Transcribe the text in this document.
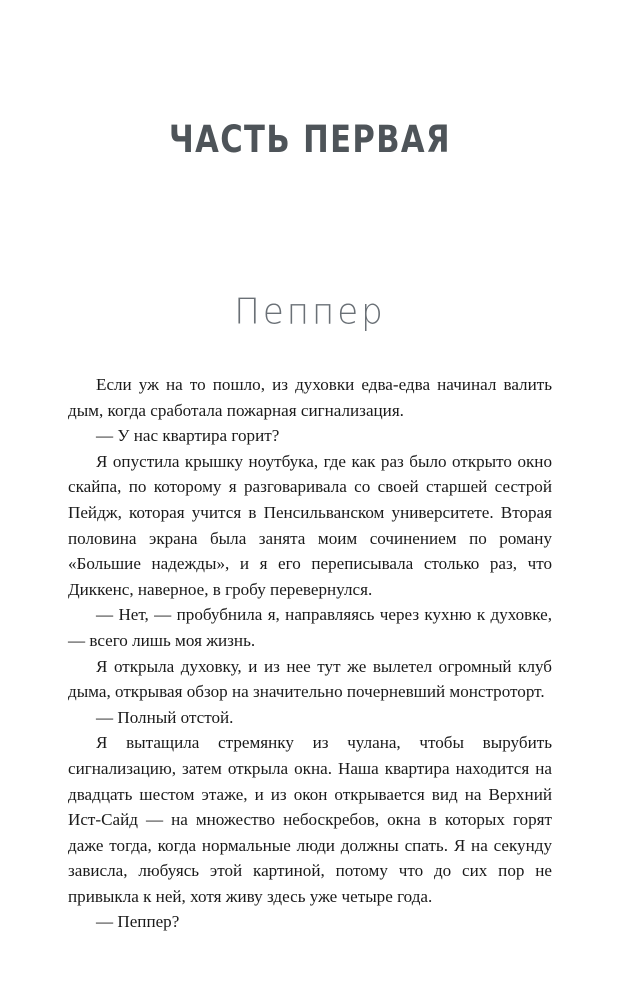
ЧАСТЬ ПЕРВАЯ
Пеппер

Если уж на то пошло, из духовки едва-едва начинал валить дым, когда сработала пожарная сигнализация.

— У нас квартира горит?

Я опустила крышку ноутбука, где как раз было открыто окно скайпа, по которому я разговаривала со своей старшей сестрой Пейдж, которая учится в Пенсильванском университете. Вторая половина экрана была занята моим сочинением по роману «Большие надежды», и я его переписывала столько раз, что Диккенс, наверное, в гробу перевернулся.

— Нет, — пробубнила я, направляясь через кухню к духовке, — всего лишь моя жизнь.

Я открыла духовку, и из нее тут же вылетел огромный клуб дыма, открывая обзор на значительно почерневший монстроторт.

— Полный отстой.

Я вытащила стремянку из чулана, чтобы вырубить сигнализацию, затем открыла окна. Наша квартира находится на двадцать шестом этаже, и из окон открывается вид на Верхний Ист-Сайд — на множество небоскребов, окна в которых горят даже тогда, когда нормальные люди должны спать. Я на секунду зависла, любуясь этой картиной, потому что до сих пор не привыкла к ней, хотя живу здесь уже четыре года.

— Пеппер?
